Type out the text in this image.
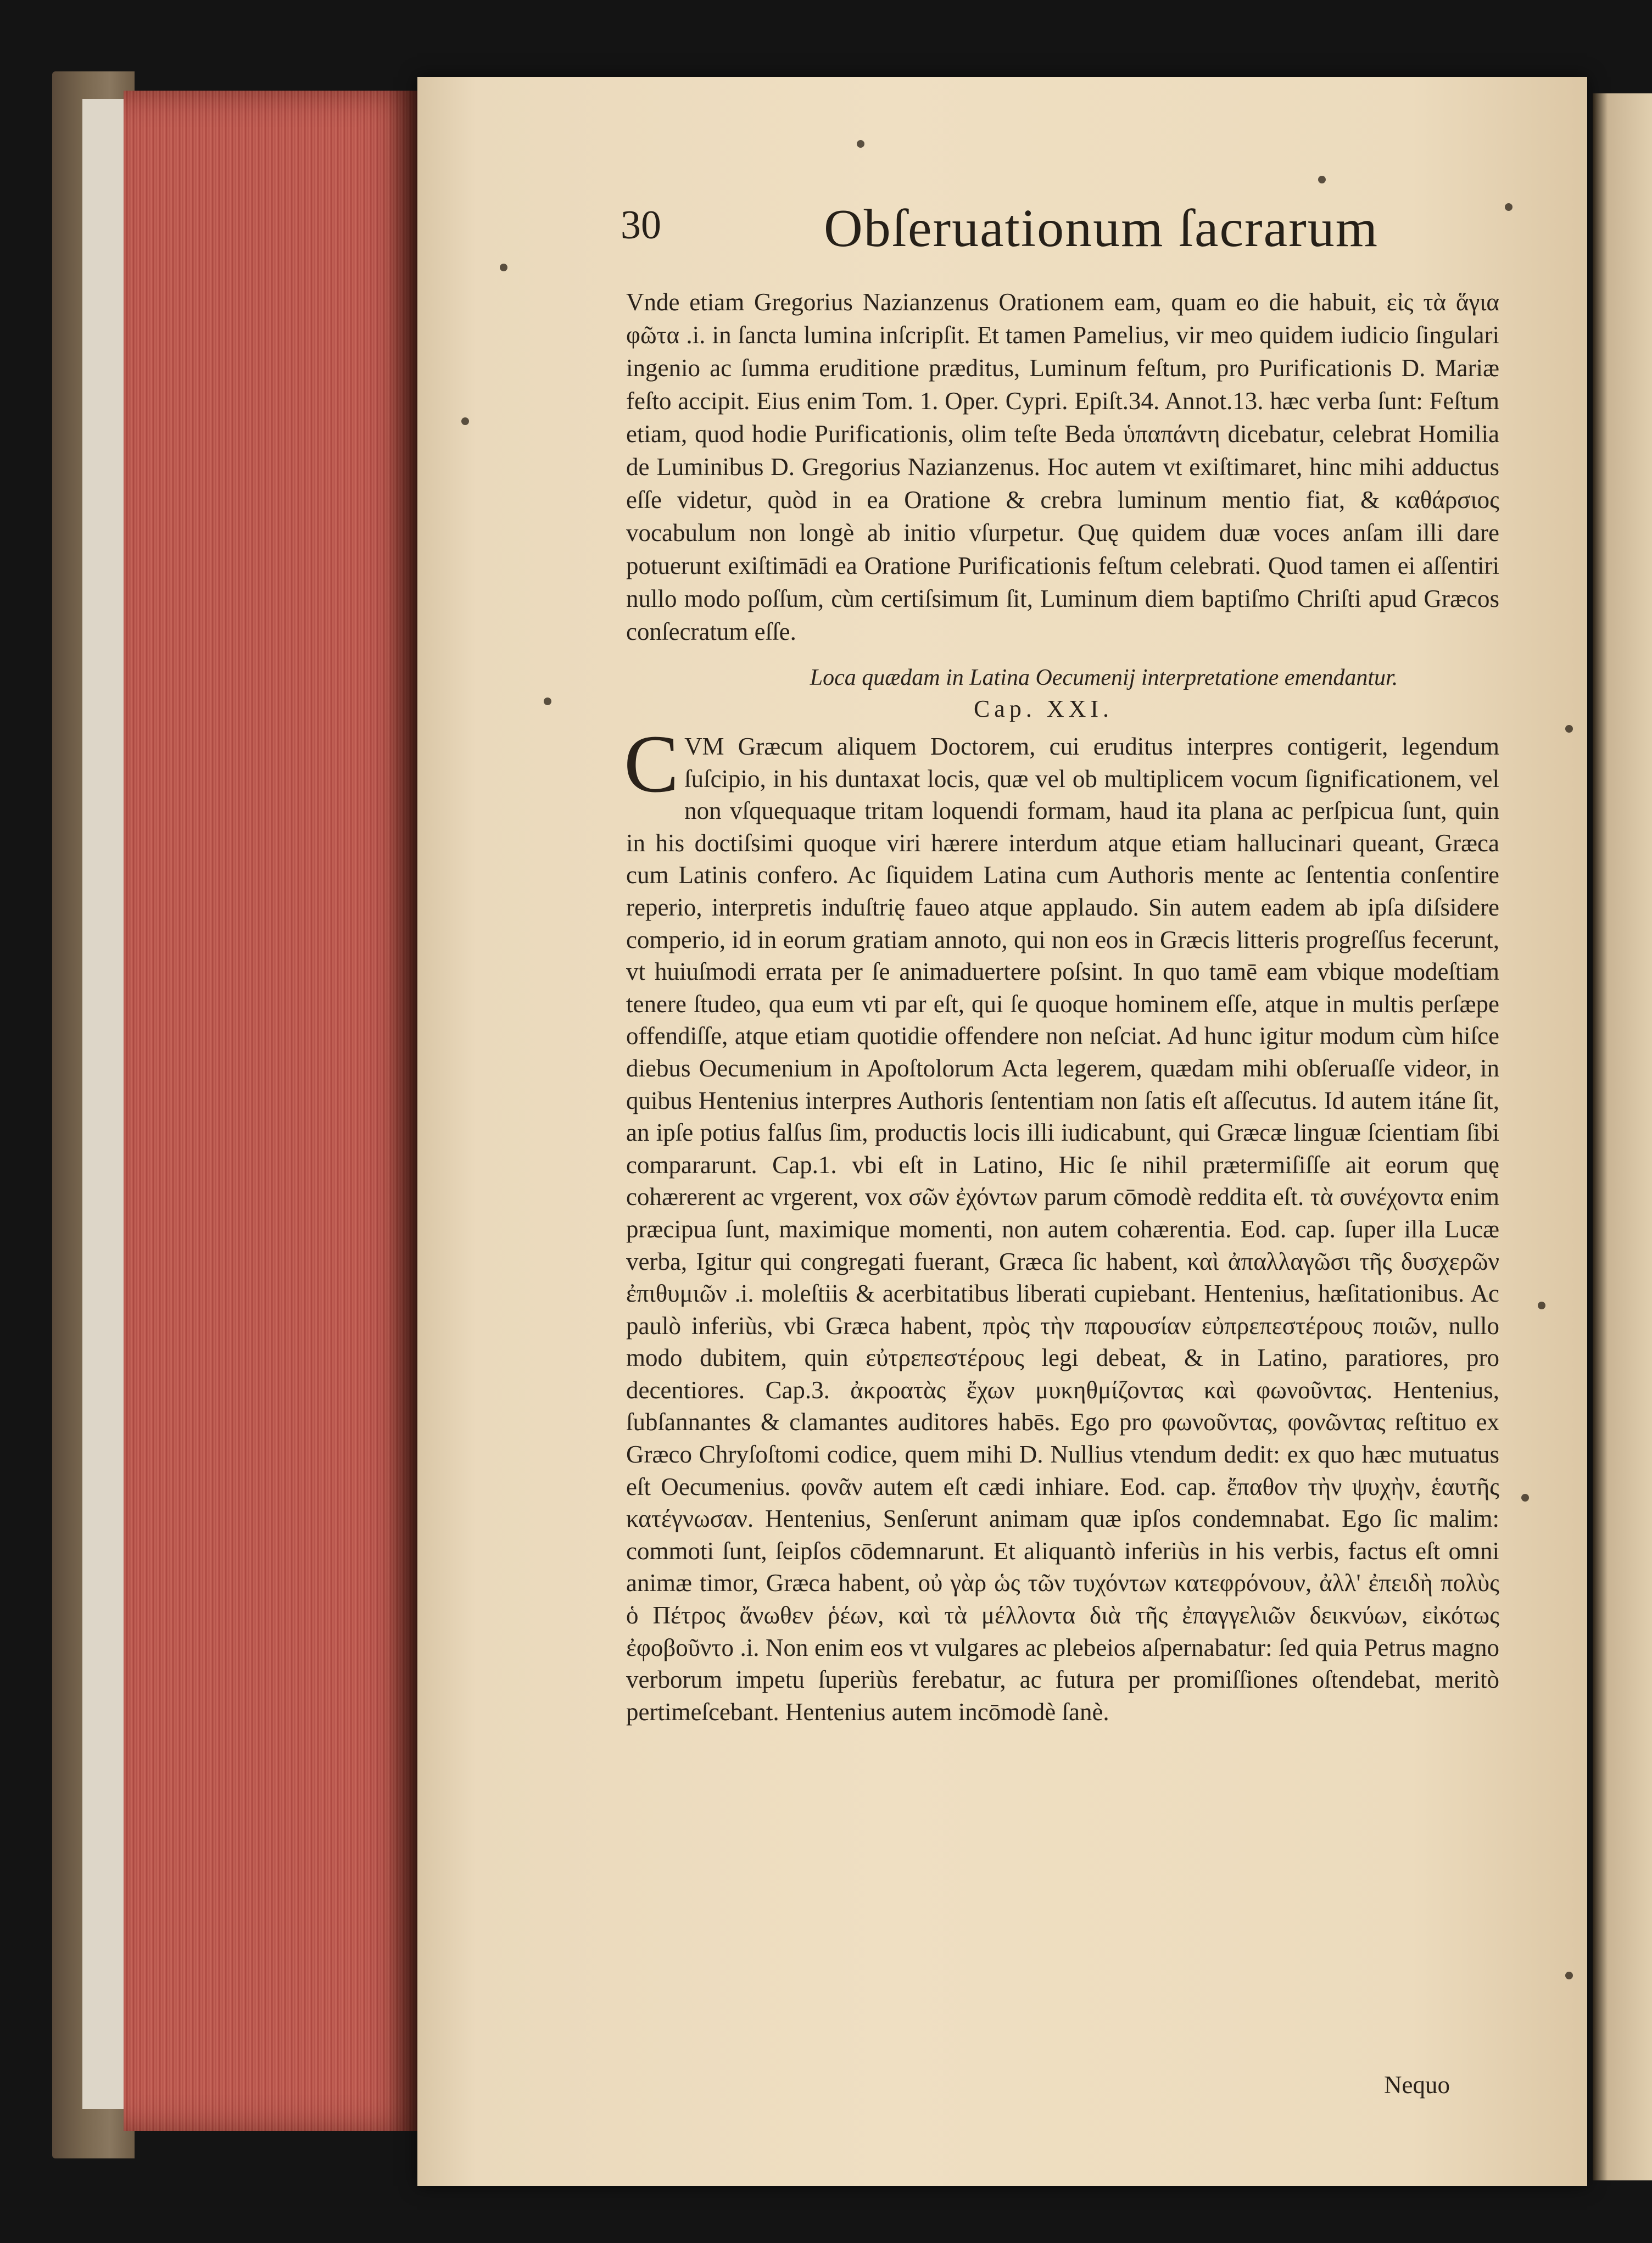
30	Obſeruationum ſacrarum

Vnde etiam Gregorius Nazianzenus Orationem eam, quam eo die habuit, εἰς τὰ ἅγια φῶτα .i. in ſancta lumina inſcripſit. Et tamen Pamelius, vir meo quidem iudicio ſingulari ingenio ac ſumma eruditione præditus, Luminum feſtum, pro Purificationis D. Mariæ feſto accipit. Eius enim Tom. 1. Oper. Cypri. Epiſt.34. Annot.13. hæc verba ſunt: Feſtum etiam, quod hodie Purificationis, olim teſte Beda ὑπαπάντη dicebatur, celebrat Homilia de Luminibus D. Gregorius Nazianzenus. Hoc autem vt exiſtimaret, hinc mihi adductus eſſe videtur, quòd in ea Oratione & crebra luminum mentio fiat, & καθάρσιος vocabulum non longè ab initio vſurpetur. Quę quidem duæ voces anſam illi dare potuerunt exiſtimādi ea Oratione Purificationis feſtum celebrati. Quod tamen ei aſſentiri nullo modo poſſum, cùm certiſsimum ſit, Luminum diem baptiſmo Chriſti apud Græcos conſecratum eſſe.

Loca quædam in Latina Oecumenij interpretatione emendantur.
Cap. XXI.
C VM Græcum aliquem Doctorem, cui eruditus interpres contigerit, legendum ſuſcipio, in his duntaxat locis, quæ vel ob multiplicem vocum ſignificationem, vel non vſquequaque tritam loquendi formam, haud ita plana ac perſpicua ſunt, quin in his doctiſsimi quoque viri hærere interdum atque etiam hallucinari queant, Græca cum Latinis confero. Ac ſiquidem Latina cum Authoris mente ac ſententia conſentire reperio, interpretis induſtrię faueo atque applaudo. Sin autem eadem ab ipſa diſsidere comperio, id in eorum gratiam annoto, qui non eos in Græcis litteris progreſſus fecerunt, vt huiuſmodi errata per ſe animaduertere poſsint. In quo tamē eam vbique modeſtiam tenere ſtudeo, qua eum vti par eſt, qui ſe quoque hominem eſſe, atque in multis perſæpe offendiſſe, atque etiam quotidie offendere non neſciat. Ad hunc igitur modum cùm hiſce diebus Oecumenium in Apoſtolorum Acta legerem, quædam mihi obſeruaſſe videor, in quibus Hentenius interpres Authoris ſententiam non ſatis eſt aſſecutus. Id autem itáne ſit, an ipſe potius falſus ſim, productis locis illi iudicabunt, qui Græcæ linguæ ſcientiam ſibi compararunt. Cap.1. vbi eſt in Latino, Hic ſe nihil prætermiſiſſe ait eorum quę cohærerent ac vrgerent, vox σῶν ἐχόντων parum cōmodè reddita eſt. τὰ συνέχοντα enim præcipua ſunt, maximique momenti, non autem cohærentia. Eod. cap. ſuper illa Lucæ verba, Igitur qui congregati fuerant, Græca ſic habent, καὶ ἀπαλλαγῶσι τῆς δυσχερῶν ἐπιθυμιῶν .i. moleſtiis & acerbitatibus liberati cupiebant. Hentenius, hæſitationibus. Ac paulò inferiùs, vbi Græca habent, πρὸς τὴν παρουσίαν εὐπρεπεστέρους ποιῶν, nullo modo dubitem, quin εὐτρεπεστέρους legi debeat, & in Latino, paratiores, pro decentiores. Cap.3. ἀκροατὰς ἔχων μυκηθμίζοντας καὶ φωνοῦντας. Hentenius, ſubſannantes & clamantes auditores habēs. Ego pro φωνοῦντας, φονῶντας reſtituo ex Græco Chryſoſtomi codice, quem mihi D. Nullius vtendum dedit: ex quo hæc mutuatus eſt Oecumenius. φονᾶν autem eſt cædi inhiare. Eod. cap. ἔπαθον τὴν ψυχὴν, ἑαυτῆς κατέγνωσαν. Hentenius, Senſerunt animam quæ ipſos condemnabat. Ego ſic malim: commoti ſunt, ſeipſos cōdemnarunt. Et aliquantò inferiùs in his verbis, factus eſt omni animæ timor, Græca habent, οὐ γὰρ ὡς τῶν τυχόντων κατεφρόνουν, ἀλλ' ἐπειδὴ πολὺς ὁ Πέτρος ἄνωθεν ῥέων, καὶ τὰ μέλλοντα διὰ τῆς ἐπαγγελιῶν δεικνύων, εἰκότως ἐφοβοῦντο .i. Non enim eos vt vulgares ac plebeios aſpernabatur: ſed quia Petrus magno verborum impetu ſuperiùs ferebatur, ac futura per promiſſiones oſtendebat, meritò pertimeſcebant. Hentenius autem incōmodè ſanè.
Nequo
